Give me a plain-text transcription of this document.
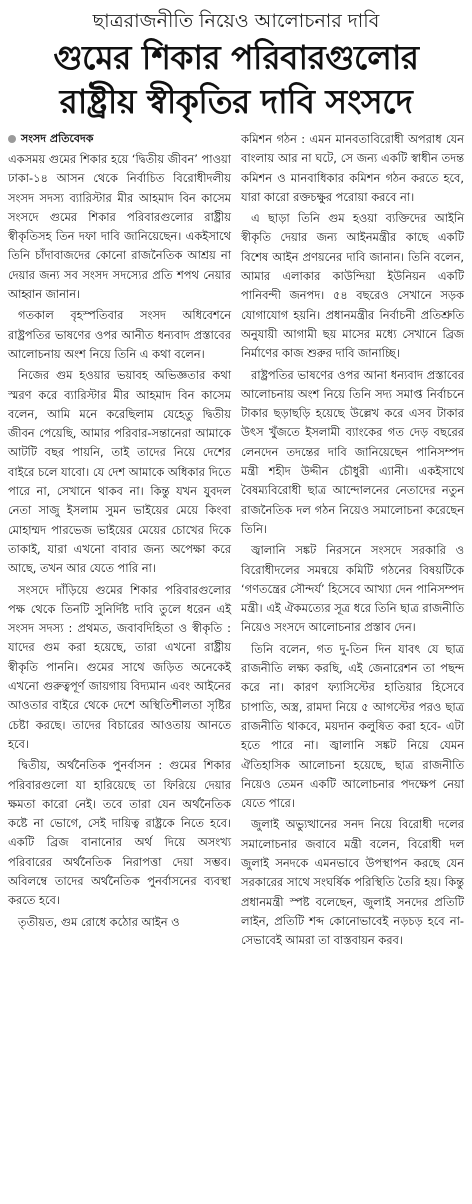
ছাত্ররাজনীতি নিয়েও আলোচনার দাবি
গুমের শিকার পরিবারগুলোর
রাষ্ট্রীয় স্বীকৃতির দাবি সংসদে
সংসদ প্রতিবেদক

একসময় গুমের শিকার হয়ে ‘দ্বিতীয় জীবন’ পাওয়া ঢাকা-১৪ আসন থেকে নির্বাচিত বিরোধীদলীয় সংসদ সদস্য ব্যারিস্টার মীর আহমাদ বিন কাসেম সংসদে গুমের শিকার পরিবারগুলোর রাষ্ট্রীয় স্বীকৃতিসহ তিন দফা দাবি জানিয়েছেন। একইসাথে তিনি চাঁদাবাজদের কোনো রাজনৈতিক আশ্রয় না দেয়ার জন্য সব সংসদ সদস্যের প্রতি শপথ নেয়ার আহ্বান জানান।

গতকাল বৃহস্পতিবার সংসদ অধিবেশনে রাষ্ট্রপতির ভাষণের ওপর আনীত ধন্যবাদ প্রস্তাবের আলোচনায় অংশ নিয়ে তিনি এ কথা বলেন।

নিজের গুম হওয়ার ভয়াবহ অভিজ্ঞতার কথা স্মরণ করে ব্যারিস্টার মীর আহমাদ বিন কাসেম বলেন, আমি মনে করেছিলাম যেহেতু দ্বিতীয় জীবন পেয়েছি, আমার পরিবার-সন্তানেরা আমাকে আটটি বছর পায়নি, তাই তাদের নিয়ে দেশের বাইরে চলে যাবো। যে দেশ আমাকে অধিকার দিতে পারে না, সেখানে থাকব না। কিন্তু যখন যুবদল নেতা সাজু ইসলাম সুমন ভাইয়ের মেয়ে কিংবা মোহাম্মদ পারভেজ ভাইয়ের মেয়ের চোখের দিকে তাকাই, যারা এখনো বাবার জন্য অপেক্ষা করে আছে, তখন আর যেতে পারি না।

সংসদে দাঁড়িয়ে গুমের শিকার পরিবারগুলোর পক্ষ থেকে তিনটি সুনির্দিষ্ট দাবি তুলে ধরেন এই সংসদ সদস্য : প্রথমত, জবাবদিহিতা ও স্বীকৃতি : যাদের গুম করা হয়েছে, তারা এখনো রাষ্ট্রীয় স্বীকৃতি পাননি। গুমের সাথে জড়িত অনেকেই এখনো গুরুত্বপূর্ণ জায়গায় বিদ্যমান এবং আইনের আওতার বাইরে থেকে দেশে অস্থিতিশীলতা সৃষ্টির চেষ্টা করছে। তাদের বিচারের আওতায় আনতে হবে।

দ্বিতীয়, অর্থনৈতিক পুনর্বাসন : গুমের শিকার পরিবারগুলো যা হারিয়েছে তা ফিরিয়ে দেয়ার ক্ষমতা কারো নেই। তবে তারা যেন অর্থনৈতিক কষ্টে না ভোগে, সেই দায়িত্ব রাষ্ট্রকে নিতে হবে। একটি ব্রিজ বানানোর অর্থ দিয়ে অসংখ্য পরিবারের অর্থনৈতিক নিরাপত্তা দেয়া সম্ভব। অবিলম্বে তাদের অর্থনৈতিক পুনর্বাসনের ব্যবস্থা করতে হবে।

তৃতীয়ত, গুম রোধে কঠোর আইন ও

কমিশন গঠন : এমন মানবতাবিরোধী অপরাধ যেন বাংলায় আর না ঘটে, সে জন্য একটি স্বাধীন তদন্ত কমিশন ও মানবাধিকার কমিশন গঠন করতে হবে, যারা কারো রক্তচক্ষুর পরোয়া করবে না।

এ ছাড়া তিনি গুম হওয়া ব্যক্তিদের আইনি স্বীকৃতি দেয়ার জন্য আইনমন্ত্রীর কাছে একটি বিশেষ আইন প্রণয়নের দাবি জানান। তিনি বলেন, আমার এলাকার কাউন্দিয়া ইউনিয়ন একটি পানিবন্দী জনপদ। ৫৪ বছরেও সেখানে সড়ক যোগাযোগ হয়নি। প্রধানমন্ত্রীর নির্বাচনী প্রতিশ্রুতি অনুযায়ী আগামী ছয় মাসের মধ্যে সেখানে ব্রিজ নির্মাণের কাজ শুরুর দাবি জানাচ্ছি।

রাষ্ট্রপতির ভাষণের ওপর আনা ধন্যবাদ প্রস্তাবের আলোচনায় অংশ নিয়ে তিনি সদ্য সমাপ্ত নির্বাচনে টাকার ছড়াছড়ি হয়েছে উল্লেখ করে এসব টাকার উৎস খুঁজতে ইসলামী ব্যাংকের গত দেড় বছরের লেনদেন তদন্তের দাবি জানিয়েছেন পানিসম্পদ মন্ত্রী শহীদ উদ্দীন চৌধুরী এ্যানী। একইসাথে বৈষম্যবিরোধী ছাত্র আন্দোলনের নেতাদের নতুন রাজনৈতিক দল গঠন নিয়েও সমালোচনা করেছেন তিনি।

জ্বালানি সঙ্কট নিরসনে সংসদে সরকারি ও বিরোধীদলের সমন্বয়ে কমিটি গঠনের বিষয়টিকে ‘গণতন্ত্রের সৌন্দর্য’ হিসেবে আখ্যা দেন পানিসম্পদ মন্ত্রী। এই ঐকমত্যের সূত্র ধরে তিনি ছাত্র রাজনীতি নিয়েও সংসদে আলোচনার প্রস্তাব দেন।

তিনি বলেন, গত দু-তিন দিন যাবৎ যে ছাত্র রাজনীতি লক্ষ্য করছি, এই জেনারেশন তা পছন্দ করে না। কারণ ফ্যাসিস্টের হাতিয়ার হিসেবে চাপাতি, অস্ত্র, রামদা নিয়ে ৫ আগস্টের পরও ছাত্র রাজনীতি থাকবে, ময়দান কলুষিত করা হবে- এটা হতে পারে না। জ্বালানি সঙ্কট নিয়ে যেমন ঐতিহাসিক আলোচনা হয়েছে, ছাত্র রাজনীতি নিয়েও তেমন একটি আলোচনার পদক্ষেপ নেয়া যেতে পারে।

জুলাই অভ্যুত্থানের সনদ নিয়ে বিরোধী দলের সমালোচনার জবাবে মন্ত্রী বলেন, বিরোধী দল জুলাই সনদকে এমনভাবে উপস্থাপন করছে যেন সরকারের সাথে সংঘর্ষিক পরিস্থিতি তৈরি হয়। কিন্তু প্রধানমন্ত্রী স্পষ্ট বলেছেন, জুলাই সনদের প্রতিটি লাইন, প্রতিটি শব্দ কোনোভাবেই নড়চড় হবে না- সেভাবেই আমরা তা বাস্তবায়ন করব।
